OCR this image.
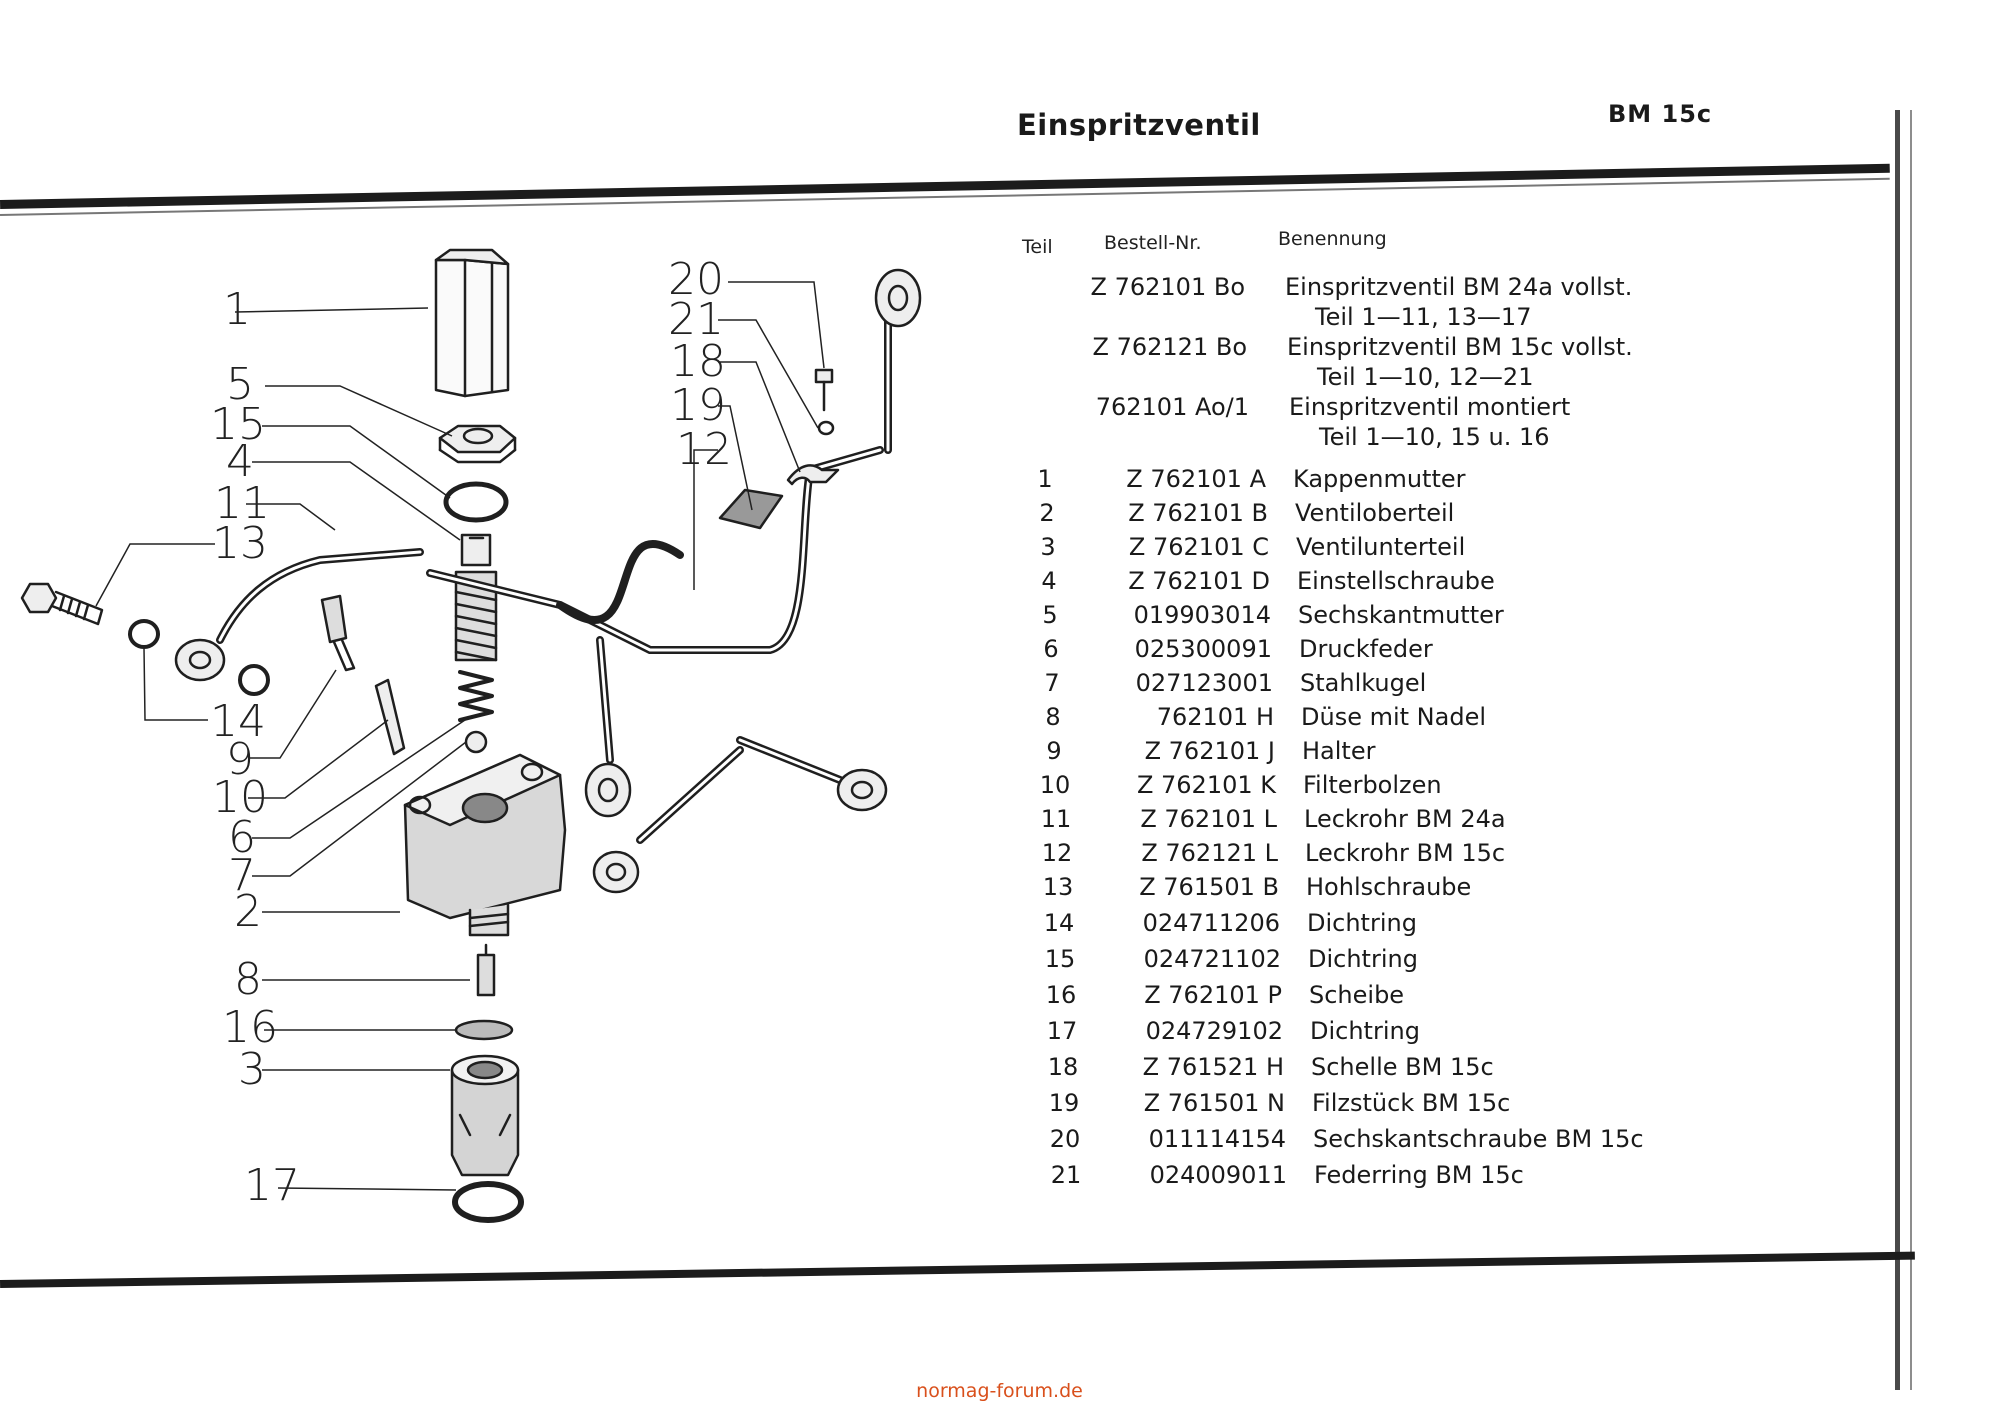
Einspritzventil	BM 15c
1
5
15
4
11
13
14
9
10
6
7
2
8
16
3
17
20
21
18
19
12
Teil	Bestell-Nr.	Benennung
Z 762101 Bo Einspritzventil BM 24a vollst.
Teil 1—11, 13—17
Z 762121 Bo Einspritzventil BM 15c vollst.
Teil 1—10, 12—21
762101 Ao/1 Einspritzventil montiert
Teil 1—10, 15 u. 16
1	Z 762101 A Kappenmutter
2	Z 762101 B Ventiloberteil
3	Z 762101 C Ventilunterteil
4	Z 762101 D Einstellschraube
5	019903014 Sechskantmutter
6	025300091 Druckfeder
7	027123001 Stahlkugel
8	762101 H Düse mit Nadel
9	Z 762101 J Halter
10	Z 762101 K Filterbolzen
11	Z 762101 L Leckrohr BM 24a
12	Z 762121 L Leckrohr BM 15c
13	Z 761501 B Hohlschraube
14	024711206 Dichtring
15	024721102 Dichtring
16	Z 762101 P Scheibe
17	024729102 Dichtring
18	Z 761521 H Schelle BM 15c
19	Z 761501 N Filzstück BM 15c
20	011114154 Sechskantschraube BM 15c
21	024009011 Federring BM 15c
normag-forum.de
